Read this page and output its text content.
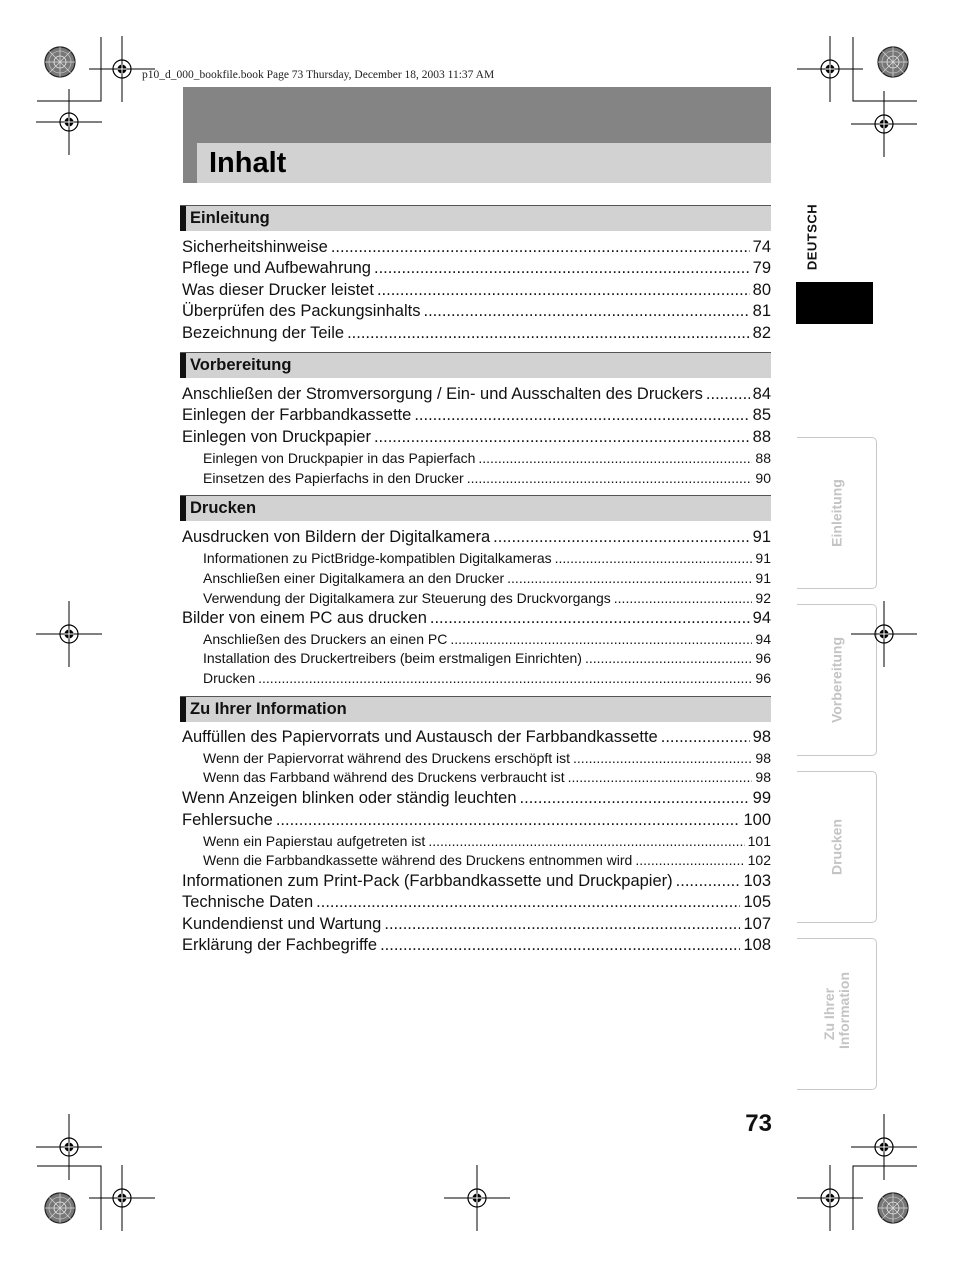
p10_d_000_bookfile.book Page 73 Thursday, December 18, 2003 11:37 AM
Inhalt
Einleitung
Sicherheitshinweise .....	74
Pflege und Aufbewahrung .....	79
Was dieser Drucker leistet .....	80
Überprüfen des Packungsinhalts .....	81
Bezeichnung der Teile .....	82
Vorbereitung
Anschließen der Stromversorgung / Ein- und Ausschalten des Druckers .....	84
Einlegen der Farbbandkassette .....	85
Einlegen von Druckpapier .....	88
Einlegen von Druckpapier in das Papierfach .....	88
Einsetzen des Papierfachs in den Drucker .....	90
Drucken
Ausdrucken von Bildern der Digitalkamera .....	91
Informationen zu PictBridge-kompatiblen Digitalkameras .....	91
Anschließen einer Digitalkamera an den Drucker .....	91
Verwendung der Digitalkamera zur Steuerung des Druckvorgangs .....	92
Bilder von einem PC aus drucken .....	94
Anschließen des Druckers an einen PC .....	94
Installation des Druckertreibers (beim erstmaligen Einrichten) .....	96
Drucken .....	96
Zu Ihrer Information
Auffüllen des Papiervorrats und Austausch der Farbbandkassette .....	98
Wenn der Papiervorrat während des Druckens erschöpft ist .....	98
Wenn das Farbband während des Druckens verbraucht ist .....	98
Wenn Anzeigen blinken oder ständig leuchten .....	99
Fehlersuche .....	100
Wenn ein Papierstau aufgetreten ist .....	101
Wenn die Farbbandkassette während des Druckens entnommen wird .....	102
Informationen zum Print-Pack (Farbbandkassette und Druckpapier) .....	103
Technische Daten .....	105
Kundendienst und Wartung .....	107
Erklärung der Fachbegriffe .....	108
DEUTSCH
Einleitung
Vorbereitung
Drucken
Zu Ihrer Information
73
